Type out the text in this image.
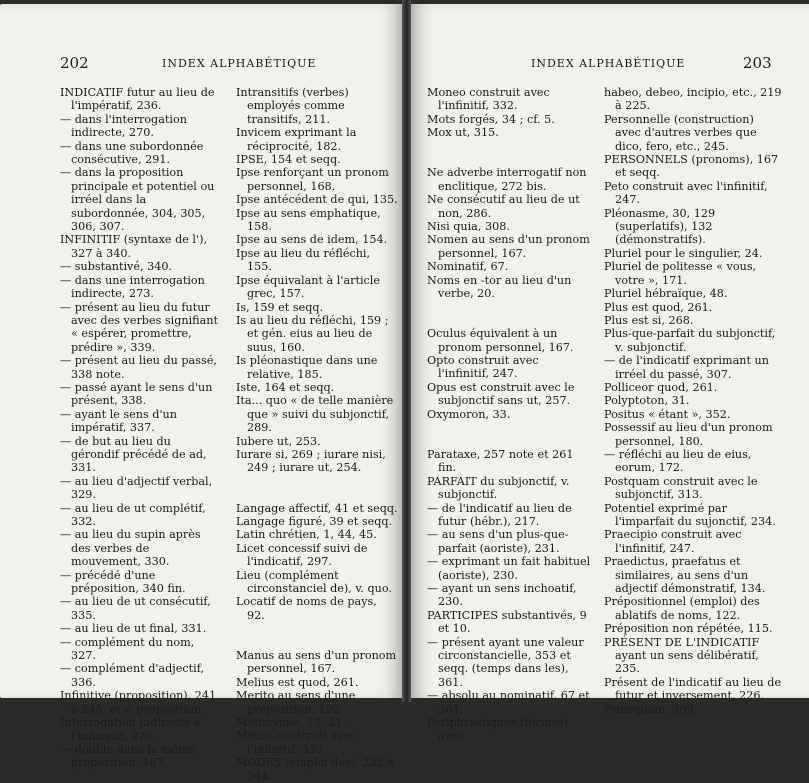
202	INDEX ALPHABÉTIQUE
INDICATIF futur au lieu de l'impératif, 236.
— dans l'interrogation indirecte, 270.
— dans une subordonnée consécutive, 291.
— dans la proposition principale et potentiel ou irréel dans la subordonnée, 304, 305, 306, 307.
INFINITIF (syntaxe de l'), 327 à 340.
— substantivé, 340.
— dans une interrogation indirecte, 273.
— présent au lieu du futur avec des verbes signifiant « espérer, promettre, prédire », 339.
— présent au lieu du passé, 338 note.
— passé ayant le sens d'un présent, 338.
— ayant le sens d'un impératif, 337.
— de but au lieu du gérondif précédé de ad, 331.
— au lieu d'adjectif verbal, 329.
— au lieu de ut complétif, 332.
— au lieu du supin après des verbes de mouvement, 330.
— précédé d'une préposition, 340 fin.
— au lieu de ut consécutif, 335.
— au lieu de ut final, 331.
— complément du nom, 327.
— complément d'adjectif, 336.
Infinitive (proposition), 241 à 245, et v. proposition.
Interrogation indirecte à l'indicatif, 270.
— double dans la même proposition, 187.
Intransitifs (verbes) employés comme transitifs, 211.
Invicem exprimant la réciprocité, 182.
IPSE, 154 et seqq.
Ipse renforçant un pronom personnel, 168.
Ipse antécédent de qui, 135.
Ipse au sens emphatique, 158.
Ipse au sens de idem, 154.
Ipse au lieu du réfléchi, 155.
Ipse équivalant à l'article grec, 157.
Is, 159 et seqq.
Is au lieu du réfléchi, 159 ; et gén. eius au lieu de suus, 160.
Is pléonastique dans une relative, 185.
Iste, 164 et seqq.
Ita... quo « de telle manière que » suivi du subjonctif, 289.
Iubere ut, 253.
Iurare si, 269 ; iurare nisi, 249 ; iurare ut, 254.
Langage affectif, 41 et seqq.
Langage figuré, 39 et seqq.
Latin chrétien, 1, 44, 45.
Licet concessif suivi de l'indicatif, 297.
Lieu (complément circonstanciel de), v. quo.
Locatif de noms de pays, 92.
Manus au sens d'un pronom personnel, 167.
Melius est quod, 261.
Merito au sens d'une préposition, 122.
Métonymie, 17, 21.
Metuo construit avec l'infinitif, 333.
MODES (emploi des), 235 à 244.
INDEX ALPHABÉTIQUE	203
Moneo construit avec l'infinitif, 332.
Mots forgés, 34 ; cf. 5.
Mox ut, 315.
Ne adverbe interrogatif non enclitique, 272 bis.
Ne consécutif au lieu de ut non, 286.
Nisi quia, 308.
Nomen au sens d'un pronom personnel, 167.
Nominatif, 67.
Noms en -tor au lieu d'un verbe, 20.
Oculus équivalent à un pronom personnel, 167.
Opto construit avec l'infinitif, 247.
Opus est construit avec le subjonctif sans ut, 257.
Oxymoron, 33.
Parataxe, 257 note et 261 fin.
PARFAIT du subjonctif, v. subjonctif.
— de l'indicatif au lieu de futur (hébr.), 217.
— au sens d'un plus-que-parfait (aoriste), 231.
— exprimant un fait habituel (aoriste), 230.
— ayant un sens inchoatif, 230.
PARTICIPES substantivés, 9 et 10.
— présent ayant une valeur circonstancielle, 353 et seqq. (temps dans les), 361.
— absolu au nominatif, 67 et 364.
Périphrastiques (formes) avec
habeo, debeo, incipio, etc., 219 à 225.
Personnelle (construction) avec d'autres verbes que dico, fero, etc., 245.
PERSONNELS (pronoms), 167 et seqq.
Peto construit avec l'infinitif, 247.
Pléonasme, 30, 129 (superlatifs), 132 (démonstratifs).
Pluriel pour le singulier, 24.
Pluriel de politesse « vous, votre », 171.
Pluriel hébraïque, 48.
Plus est quod, 261.
Plus est si, 268.
Plus-que-parfait du subjonctif, v. subjonctif.
— de l'indicatif exprimant un irréel du passé, 307.
Polliceor quod, 261.
Polyptoton, 31.
Positus « étant », 352.
Possessif au lieu d'un pronom personnel, 180.
— réfléchi au lieu de eius, eorum, 172.
Postquam construit avec le subjonctif, 313.
Potentiel exprimé par l'imparfait du sujonctif, 234.
Praecipio construit avec l'infinitif, 247.
Praedictus, praefatus et similaires, au sens d'un adjectif démonstratif, 134.
Prépositionnel (emploi) des ablatifs de noms, 122.
Préposition non répétée, 115.
PRÉSENT DE L'INDICATIF ayant un sens délibératif, 235.
Présent de l'indicatif au lieu de futur et inversement, 226.
Priusquam, 309.
